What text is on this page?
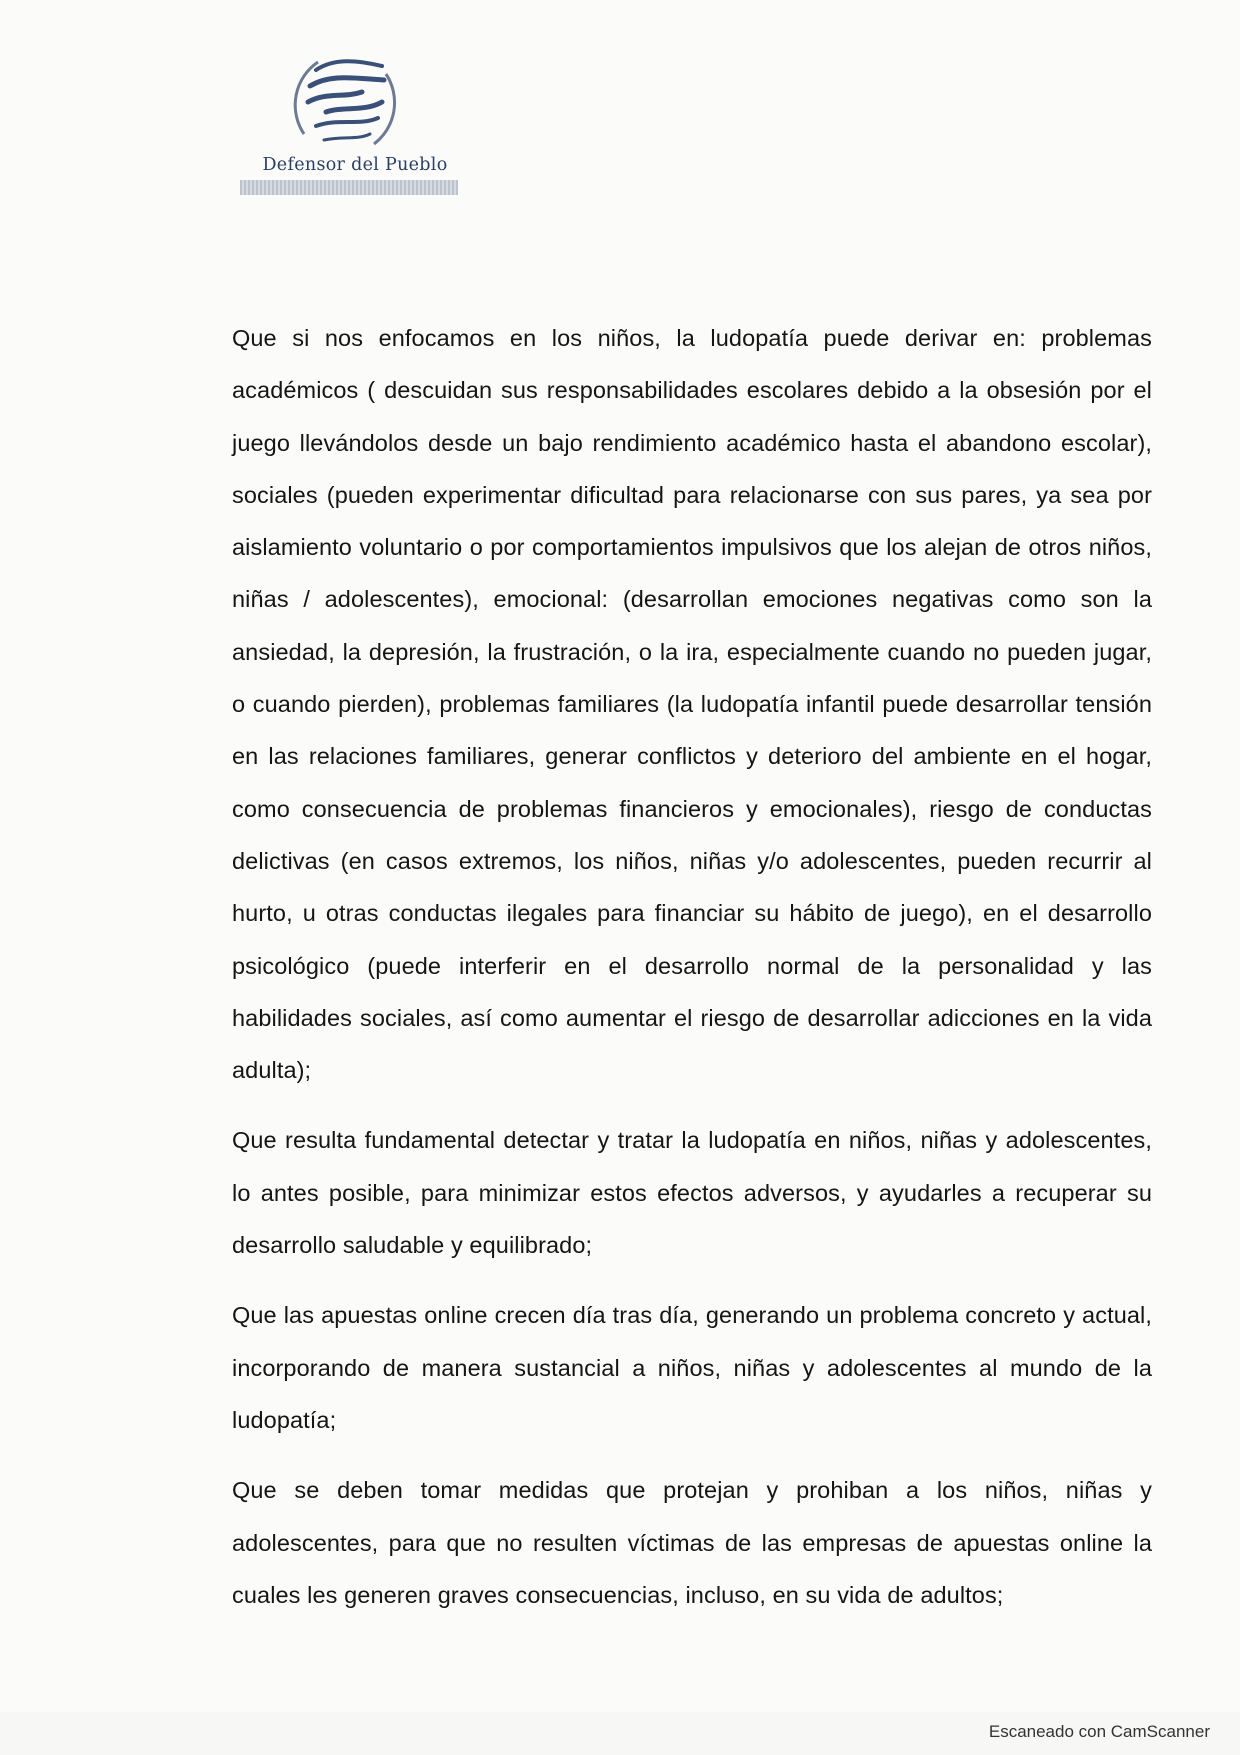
Defensor del Pueblo

Que si nos enfocamos en los niños, la ludopatía puede derivar en: problemas académicos ( descuidan sus responsabilidades escolares debido a la obsesión por el juego llevándolos desde un bajo rendimiento académico hasta el abandono escolar), sociales (pueden experimentar dificultad para relacionarse con sus pares, ya sea por aislamiento voluntario o por comportamientos impulsivos que los alejan de otros niños, niñas / adolescentes), emocional: (desarrollan emociones negativas como son la ansiedad, la depresión, la frustración, o la ira, especialmente cuando no pueden jugar, o cuando pierden), problemas familiares (la ludopatía infantil puede desarrollar tensión en las relaciones familiares, generar conflictos y deterioro del ambiente en el hogar, como consecuencia de problemas financieros y emocionales), riesgo de conductas delictivas (en casos extremos, los niños, niñas y/o adolescentes, pueden recurrir al hurto, u otras conductas ilegales para financiar su hábito de juego), en el desarrollo psicológico (puede interferir en el desarrollo normal de la personalidad y las habilidades sociales, así como aumentar el riesgo de desarrollar adicciones en la vida adulta);

Que resulta fundamental detectar y tratar la ludopatía en niños, niñas y adolescentes, lo antes posible, para minimizar estos efectos adversos, y ayudarles a recuperar su desarrollo saludable y equilibrado;

Que las apuestas online crecen día tras día, generando un problema concreto y actual, incorporando de manera sustancial a niños, niñas y adolescentes al mundo de la ludopatía;

Que se deben tomar medidas que protejan y prohiban a los niños, niñas y adolescentes, para que no resulten víctimas de las empresas de apuestas online la cuales les generen graves consecuencias, incluso, en su vida de adultos;

Escaneado con CamScanner
